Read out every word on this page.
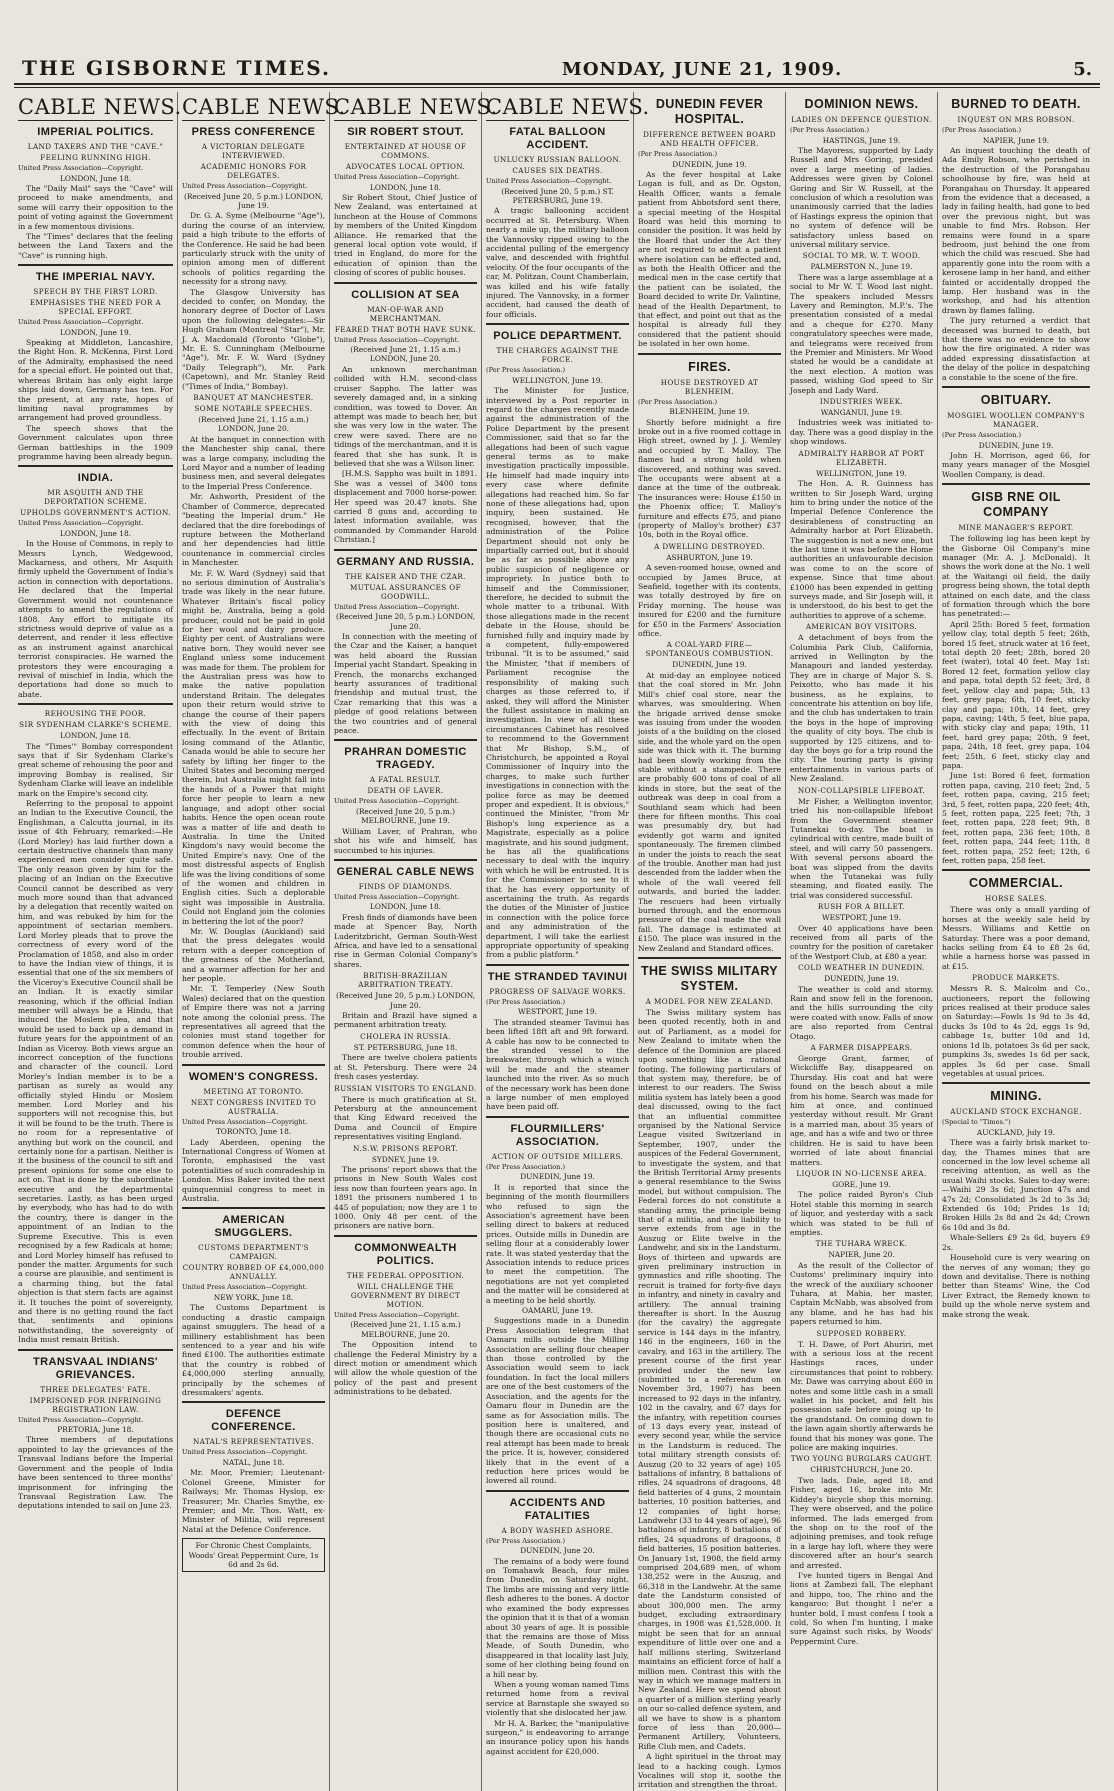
THE GISBORNE TIMES.	MONDAY, JUNE 21, 1909.	5.
CABLE NEWS.
IMPERIAL POLITICS.
LAND TAXERS AND THE "CAVE."
FEELING RUNNING HIGH.
United Press Association—Copyright.
LONDON, June 18.

The "Daily Mail" says the "Cave" will proceed to make amendments, and some will carry their opposition to the point of voting against the Government in a few momentous divisions.

The "Times" declares that the feeling between the Land Taxers and the "Cave" is running high.

THE IMPERIAL NAVY.
SPEECH BY THE FIRST LORD.
EMPHASISES THE NEED FOR A SPECIAL EFFORT.
United Press Association—Copyright.
LONDON, June 19.

Speaking at Middleton, Lancashire, the Right Hon. R. McKenna, First Lord of the Admiralty, emphasised the need for a special effort. He pointed out that, whereas Britain has only eight large ships laid down, Germany has ten. For the present, at any rate, hopes of limiting naval programmes by arrangement had proved groundless.

The speech shows that the Government calculates upon three German battleships in the 1909 programme having been already begun.

INDIA.
MR ASQUITH AND THE DEPORTATION SCHEME.
UPHOLDS GOVERNMENT'S ACTION.
United Press Association—Copyright.
LONDON, June 18.

In the House of Commons, in reply to Messrs Lynch, Wedgewood, Mackarness, and others, Mr Asquith firmly upheld the Government of India's action in connection with deportations. He declared that the Imperial Government would not countenance attempts to amend the regulations of 1808. Any effort to mitigate its strictness would deprive of value as a deterrent, and render it less effective as an instrument against anarchical terrorist conspiracies. He warned the protestors they were encouraging a revival of mischief in India, which the deportations had done so much to abate.

REHOUSING THE POOR.
SIR SYDENHAM CLARKE'S SCHEME.
LONDON, June 18.

The "Times'" Bombay correspondent says that if Sir Sydenham Clarke's great scheme of rehousing the poor and improving Bombay is realised, Sir Sydenham Clarke will leave an indelible mark on the Empire's second city.

Referring to the proposal to appoint an Indian to the Executive Council, the Englishman, a Calcutta journal, in its issue of 4th February, remarked:—He (Lord Morley) has laid further down a certain destructive channels than many experienced men consider quite safe. The only reason given by him for the placing of an Indian on the Executive Council cannot be described as very much more sound than that advanced by a delegation that recently waited on him, and was rebuked by him for the appointment of sectarian members. Lord Morley pleads that to prove the correctness of every word of the Proclamation of 1858, and also in order to have the Indian view of things, it is essential that one of the six members of the Viceroy's Executive Council shall be an Indian. It is exactly similar reasoning, which if the official Indian member will always be a Hindu, that induced the Moslem plea, and that would be used to back up a demand in future years for the appointment of an Indian as Viceroy. Both views argue an incorrect conception of the functions and character of the council. Lord Morley's Indian member is to be a partisan as surely as would any officially styled Hindu or Moslem member. Lord Morley and his supporters will not recognise this, but it will be found to be the truth. There is no room for a representative of anything but work on the council, and certainly none for a partisan. Neither is it the business of the council to sift and present opinions for some one else to act on. That is done by the subordinate executive and the departmental secretaries. Lastly, as has been urged by everybody, who has had to do with the country, there is danger in the appointment of an Indian to the Supreme Executive. This is even recognised by a few Radicals at home; and Lord Morley himself has refused to ponder the matter. Arguments for such a course are plausible, and sentiment is a charming thing, but the fatal objection is that stern facts are against it. It touches the point of sovereignty, and there is no getting round the fact that, sentiments and opinions notwithstanding, the sovereignty of India must remain British.

TRANSVAAL INDIANS' GRIEVANCES.
THREE DELEGATES' FATE.
IMPRISONED FOR INFRINGING REGISTRATION LAW.
United Press Association—Copyright.
PRETORIA, June 18.

Three members of deputations appointed to lay the grievances of the Transvaal Indians before the Imperial Government and the people of India have been sentenced to three months' imprisonment for infringing the Transvaal Registration Law. The deputations intended to sail on June 23.

CABLE NEWS.
PRESS CONFERENCE
A VICTORIAN DELEGATE INTERVIEWED.
ACADEMIC HONORS FOR DELEGATES.
United Press Association—Copyright.
(Received June 20, 5 p.m.) LONDON, June 19.

Dr. G. A. Syme (Melbourne "Age"), during the course of an interview, paid a high tribute to the efforts of the Conference. He said he had been particularly struck with the unity of opinion among men of different schools of politics regarding the necessity for a strong navy.

The Glasgow University has decided to confer, on Monday, the honorary degree of Doctor of Laws upon the following delegates:—Sir Hugh Graham (Montreal "Star"), Mr. J. A. Macdonald (Toronto "Globe"), Mr. E. S. Cunningham (Melbourne "Age"), Mr. F. W. Ward (Sydney "Daily Telegraph"), Mr. Park (Capetown), and Mr. Stanley Reid ("Times of India," Bombay).

BANQUET AT MANCHESTER.
SOME NOTABLE SPEECHES.
(Received June 21, 1.15 a.m.) LONDON, June 20.

At the banquet in connection with the Manchester ship canal, there was a large company, including the Lord Mayor and a number of leading business men, and several delegates to the Imperial Press Conference.

Mr. Ashworth, President of the Chamber of Commerce, deprecated "beating the Imperial drum." He declared that the dire forebodings of rupture between the Motherland and her dependencies had little countenance in commercial circles in Manchester.

Mr. F. W. Ward (Sydney) said that no serious diminution of Australia's trade was likely in the near future. Whatever Britain's fiscal policy might be, Australia, being a gold producer, could not be paid in gold for her wool and dairy produce. Eighty per cent. of Australians were native born. They would never see England unless some inducement was made for them. The problem for the Australian press was how to make the native population understand Britain. The delegates upon their return would strive to change the course of their papers with the view of doing this effectually. In the event of Britain losing command of the Atlantic, Canada would be able to secure her safety by lifting her finger to the United States and becoming merged therein, but Australia might fall into the hands of a Power that might force her people to learn a new language, and adopt other social habits. Hence the open ocean route was a matter of life and death to Australia. In time the United Kingdom's navy would become the United Empire's navy. One of the most distressful aspects of English life was the living conditions of some of the women and children in English cities. Such a deplorable sight was impossible in Australia. Could not England join the colonies in bettering the lot of the poor?

Mr. W. Douglas (Auckland) said that the press delegates would return with a deeper conception of the greatness of the Motherland, and a warmer affection for her and her people.

Mr. T. Temperley (New South Wales) declared that on the question of Empire there was not a jarring note among the colonial press. The representatives all agreed that the colonies must stand together for common defence when the hour of trouble arrived.

WOMEN'S CONGRESS.
MEETING AT TORONTO.
NEXT CONGRESS INVITED TO AUSTRALIA.
United Press Association—Copyright.
TORONTO, June 18.

Lady Aberdeen, opening the International Congress of Women at Toronto, emphasised the vast potentialities of such comradeship in London. Miss Baker invited the next quinquennial congress to meet in Australia.

AMERICAN SMUGGLERS.
CUSTOMS DEPARTMENT'S CAMPAIGN.
COUNTRY ROBBED OF £4,000,000 ANNUALLY.
United Press Association—Copyright.
NEW YORK, June 18.

The Customs Department is conducting a drastic campaign against smugglers. The head of a millinery establishment has been sentenced to a year and his wife fined £100. The authorities estimate that the country is robbed of £4,000,000 sterling annually, principally by the schemes of dressmakers' agents.

DEFENCE CONFERENCE.
NATAL'S REPRESENTATIVES.
United Press Association—Copyright.
NATAL, June 18.

Mr. Moor, Premier; Lieutenant-Colonel Greene, Minister for Railways; Mr. Thomas Hyslop, ex-Treasurer; Mr. Charles Smythe, ex-Premier; and Mr. Thos. Watt, ex-Minister of Militia, will represent Natal at the Defence Conference.

For Chronic Chest Complaints, Woods' Great Peppermint Cure, 1s 6d and 2s 6d.
CABLE NEWS.
SIR ROBERT STOUT.
ENTERTAINED AT HOUSE OF COMMONS.
ADVOCATES LOCAL OPTION.
United Press Association—Copyright.
LONDON, June 18.

Sir Robert Stout, Chief Justice of New Zealand, was entertained at luncheon at the House of Commons by members of the United Kingdom Alliance. He remarked that the general local option vote would, if tried in England, do more for the education of opinion than the closing of scores of public houses.

COLLISION AT SEA
MAN-OF-WAR AND MERCHANTMAN.
FEARED THAT BOTH HAVE SUNK.
United Press Association—Copyright.
(Received June 21, 1.15 a.m.) LONDON, June 20.

An unknown merchantman collided with H.M. second-class cruiser Sappho. The latter was severely damaged and, in a sinking condition, was towed to Dover. An attempt was made to beach her, but she was very low in the water. The crew were saved. There are no tidings of the merchantman, and it is feared that she has sunk. It is believed that she was a Wilson liner.

[H.M.S. Sappho was built in 1891. She was a vessel of 3400 tons displacement and 7000 horse-power. Her speed was 20.47 knots. She carried 8 guns and, according to latest information available, was commanded by Commander Harold Christian.]

GERMANY AND RUSSIA.
THE KAISER AND THE CZAR.
MUTUAL ASSURANCES OF GOODWILL.
United Press Association—Copyright.
(Received June 20, 5 p.m.) LONDON, June 20.

In connection with the meeting of the Czar and the Kaiser, a banquet was held aboard the Russian Imperial yacht Standart. Speaking in French, the monarchs exchanged hearty assurances of traditional friendship and mutual trust, the Czar remarking that this was a pledge of good relations between the two countries and of general peace.

PRAHRAN DOMESTIC TRAGEDY.
A FATAL RESULT.
DEATH OF LAVER.
United Press Association—Copyright.
(Received June 20, 5 p.m.) MELBOURNE, June 19.

William Laver, of Prahran, who shot his wife and himself, has succumbed to his injuries.

GENERAL CABLE NEWS
FINDS OF DIAMONDS.
United Press Association—Copyright.
LONDON, June 18.

Fresh finds of diamonds have been made at Spencer Bay, North Luderitzbricht, German South-West Africa, and have led to a sensational rise in German Colonial Company's shares.

BRITISH-BRAZILIAN ARBITRATION TREATY.
(Received June 20, 5 p.m.) LONDON, June 20.

Britain and Brazil have signed a permanent arbitration treaty.

CHOLERA IN RUSSIA.
ST. PETERSBURG, June 18.

There are twelve cholera patients at St. Petersburg. There were 24 fresh cases yesterday.

RUSSIAN VISITORS TO ENGLAND.

There is much gratification at St. Petersburg at the announcement that King Edward received the Duma and Council of Empire representatives visiting England.

N.S.W. PRISONS REPORT.
SYDNEY, June 19.

The prisons' report shows that the prisons in New South Wales cost less now than fourteen years ago. In 1891 the prisoners numbered 1 to 445 of population; now they are 1 to 1000. Only 48 per cent. of the prisoners are native born.

COMMONWEALTH POLITICS.
THE FEDERAL OPPOSITION.
WILL CHALLENGE THE GOVERNMENT BY DIRECT MOTION.
United Press Association—Copyright.
(Received June 21, 1.15 a.m.) MELBOURNE, June 20.

The Opposition intend to challenge the Federal Ministry by a direct motion or amendment which will allow the whole question of the policy of the past and present administrations to be debated.

CABLE NEWS.
FATAL BALLOON ACCIDENT.
UNLUCKY RUSSIAN BALLOON.
CAUSES SIX DEATHS.
United Press Association—Copyright.
(Received June 20, 5 p.m.) ST. PETERSBURG, June 19.

A tragic ballooning accident occurred at St. Petersburg. When nearly a mile up, the military balloon the Vannovsky ripped owing to the accidental pulling of the emergency valve, and descended with frightful velocity. Of the four occupants of the car, M. Politzan, Count Chamberlain, was killed and his wife fatally injured. The Vannovsky, in a former accident, had caused the death of four officials.

POLICE DEPARTMENT.
THE CHARGES AGAINST THE FORCE.
(Per Press Association.)
WELLINGTON, June 19.

The Minister for Justice, interviewed by a Post reporter in regard to the charges recently made against the administration of the Police Department by the present Commissioner, said that so far the allegations had been of such vague general terms as to make investigation practically impossible. He himself had made inquiry into every case where definite allegations had reached him. So far none of these allegations had, upon inquiry, been sustained. He recognised, however, that the administration of the Police Department should not only be impartially carried out, but it should be as far as possible above any public suspicion of negligence or impropriety. In justice both to himself and the Commissioner, therefore, he decided to submit the whole matter to a tribunal. With those allegations made in the recent debate in the House, should be furnished fully and inquiry made by a competent, fully-empowered tribunal. "It is to be assumed," said the Minister, "that if members of Parliament recognise the responsibility of making such charges as those referred to, if asked, they will afford the Minister the fullest assistance in making an investigation. In view of all these circumstances Cabinet has resolved to recommend to the Government that Mr Bishop, S.M., of Christchurch, be appointed a Royal Commissioner of Inquiry into the charges, to make such further investigations in connection with the police force as may be deemed proper and expedient. It is obvious," continued the Minister, "from Mr Bishop's long experience as a Magistrate, especially as a police magistrate, and his sound judgment, he has all the qualifications necessary to deal with the inquiry with which he will be entrusted. It is for the Commissioner to see to it that he has every opportunity of ascertaining the truth. As regards the duties of the Minister of Justice in connection with the police force and any administration of the department, I will take the earliest appropriate opportunity of speaking from a public platform."

THE STRANDED TAVINUI
PROGRESS OF SALVAGE WORKS.
(Per Press Association.)
WESTPORT, June 19.

The stranded steamer Tavinui has been lifted 18ft aft and 9ft forward. A cable has now to be connected to the stranded vessel to the breakwater, through which a winch will be made and the steamer launched into the river. As so much of the necessary work has been done a large number of men employed have been paid off.

FLOURMILLERS' ASSOCIATION.
ACTION OF OUTSIDE MILLERS.
(Per Press Association.)
DUNEDIN, June 19.

It is reported that since the beginning of the month flourmillers who refused to sign the Association's agreement have been selling direct to bakers at reduced prices. Outside mills in Dunedin are selling flour at a considerably lower rate. It was stated yesterday that the Association intends to reduce prices to meet the competition. The negotiations are not yet completed and the matter will be considered at a meeting to be held shortly.

OAMARU, June 19.

Suggestions made in a Dunedin Press Association telegram that Oamaru mills outside the Milling Association are selling flour cheaper than those controlled by the Association would seem to lack foundation. In fact the local millers are one of the best customers of the Association, and the agents for the Oamaru flour in Dunedin are the same as for Association mills. The position here is unaltered, and though there are occasional cuts no real attempt has been made to break the price. It is, however, considered likely that in the event of a reduction here prices would be lowered all round.

ACCIDENTS AND FATALITIES
A BODY WASHED ASHORE.
(Per Press Association.)
DUNEDIN, June 20.

The remains of a body were found on Tomahawk Beach, four miles from Dunedin, on Saturday night. The limbs are missing and very little flesh adheres to the bones. A doctor who examined the body expresses the opinion that it is that of a woman about 30 years of age. It is possible that the remains are those of Miss Meade, of South Dunedin, who disappeared in that locality last July, some of her clothing being found on a hill near by.

When a young woman named Tims returned home from a revival service at Barnstaple she swayed so violently that she dislocated her jaw.

Mr H. A. Barker, the "manipulative surgeon," is endeavoring to arrange an insurance policy upon his hands against accident for £20,000.

DUNEDIN FEVER HOSPITAL.
DIFFERENCE BETWEEN BOARD AND HEALTH OFFICER.
(Per Press Association.)
DUNEDIN, June 19.

As the fever hospital at Lake Logan is full, and as Dr. Ogston, Health Officer, wants a female patient from Abbotsford sent there, a special meeting of the Hospital Board was held this morning to consider the position. It was held by the Board that under the Act they are not required to admit a patient where isolation can be effected and, as both the Health Officer and the medical men in the case certify that the patient can be isolated, the Board decided to write Dr. Valintine, head of the Health Department, to that effect, and point out that as the hospital is already full they considered that the patient should be isolated in her own home.

FIRES.
HOUSE DESTROYED AT BLENHEIM.
(Per Press Association.)
BLENHEIM, June 19.

Shortly before midnight a fire broke out in a five roomed cottage in High street, owned by J. J. Wemley and occupied by T. Malloy. The flames had a strong hold when discovered, and nothing was saved. The occupants were absent at a dance at the time of the outbreak. The insurances were: House £150 in the Phoenix office; T. Malloy's furniture and effects £75, and piano (property of Malloy's brother) £37 10s, both in the Royal office.

A DWELLING DESTROYED.
ASHBURTON, June 19.

A seven-roomed house, owned and occupied by James Bruce, at Seafield, together with its contents, was totally destroyed by fire on Friday morning. The house was insured for £200 and the furniture for £50 in the Farmers' Association office.

A COAL-YARD FIRE—SPONTANEOUS COMBUSTION.
DUNEDIN, June 19.

At mid-day an employee noticed that the coal stored in Mr. John Mill's chief coal store, near the wharves, was smouldering. When the brigade arrived dense smoke was issuing from under the wooden joists of a the building on the closed side, and the whole yard on the open side was thick with it. The burning had been slowly working from the stable without a stampede. There are probably 600 tons of coal of all kinds in store, but the seat of the outbreak was deep in coal from a Southland seam which had been there for fifteen months. This coal was presumably dry, but had evidently got warm and ignited spontaneously. The firemen climbed in under the joists to reach the seat of the trouble. Another man had just descended from the ladder when the whole of the wall veered fell outwards, and buried the ladder. The rescuers had been virtually burned through, and the enormous pressure of the coal made the wall fall. The damage is estimated at £150. The place was insured in the New Zealand and Standard offices.

THE SWISS MILITARY SYSTEM.
A MODEL FOR NEW ZEALAND.

The Swiss military system has been quoted recently, both in and out of Parliament, as a model for New Zealand to imitate when the defence of the Dominion are placed upon something like a rational footing. The following particulars of that system may, therefore, be of interest to our readers. The Swiss militia system has lately been a good deal discussed, owing to the fact that an influential committee organised by the National Service League visited Switzerland in September, 1907, under the auspices of the Federal Government, to investigate the system, and that the British Territorial Army presents a general resemblance to the Swiss model, but without compulsion. The Federal forces do not constitute a standing army, the principle being that of a militia, and the liability to serve extends from age in the Auszug or Elite twelve in the Landwehr, and six in the Landsturm. Boys of thirteen and upwards are given preliminary instruction in gymnastics and rifle shooting. The recruit is trained for forty-five days in infantry, and ninety in cavalry and artillery. The annual training thereafter is short. In the Auszug (for the cavalry) the aggregate service is 144 days in the infantry, 146 in the engineers, 160 in the cavalry, and 163 in the artillery. The present course of the first year provided under the new law (submitted to a referendum on November 3rd, 1907) has been increased to 92 days in the infantry, 102 in the cavalry, and 67 days for the infantry, with repetition courses of 13 days every year, instead of every second year, while the service in the Landsturm is reduced. The total military strength consists of: Auszug (20 to 32 years of age) 105 battalions of infantry, 8 battalions of rifles, 24 squadrons of dragoons, 48 field batteries of 4 guns, 2 mountain batteries, 10 position batteries, and 12 companies of light horse; Landwehr (33 to 44 years of age), 96 battalions of infantry, 8 battalions of rifles, 24 squadrons of dragoons, 8 field batteries, 15 position batteries. On January 1st, 1908, the field army comprised 204,689 men, of whom 138,252 were in the Auszug, and 66,318 in the Landwehr. At the same date the Landsturm consisted of about 300,000 men. The army budget, excluding extraordinary charges, in 1908 was £1,528,000. It might be seen that for an annual expenditure of little over one and a half millions sterling, Switzerland maintains an efficient force of half a million men. Contrast this with the way in which we manage matters in New Zealand. Here we spend about a quarter of a million sterling yearly on our so-called defence system, and all we have to show is a phantom force of less than 20,000—Permanent Artillery, Volunteers, Rifle Club men, and Cadets.

A light spirituel in the throat may lead to a hacking cough. Lymos Vocalines will stop it, soothe the irritation and strengthen the throat.

DOMINION NEWS.
LADIES ON DEFENCE QUESTION.
(Per Press Association.)
HASTINGS, June 19.

The Mayoress, supported by Lady Russell and Mrs Goring, presided over a large meeting of ladies. Addresses were given by Colonel Goring and Sir W. Russell, at the conclusion of which a resolution was unanimously carried that the ladies of Hastings express the opinion that no system of defence will be satisfactory unless based on universal military service.

SOCIAL TO MR. W. T. WOOD.
PALMERSTON N., June 19.

There was a large assemblage at a social to Mr W. T. Wood last night. The speakers included Messrs Lavery and Remington, M.P.'s. The presentation consisted of a medal and a cheque for £270. Many congratulatory speeches were made, and telegrams were received from the Premier and Ministers. Mr Wood stated he would be a candidate at the next election. A motion was passed, wishing God speed to Sir Joseph and Lady Ward.

INDUSTRIES WEEK.
WANGANUI, June 19.

Industries week was initiated to-day. There was a good display in the shop windows.

ADMIRALTY HARBOR AT PORT ELIZABETH.
WELLINGTON, June 19.

The Hon. A. R. Guinness has written to Sir Joseph Ward, urging him to bring under the notice of the Imperial Defence Conference the desirableness of constructing an Admiralty harbor at Port Elizabeth. The suggestion is not a new one, but the last time it was before the Home authorities an unfavourable decision was come to on the score of expense. Since that time about £1000 has been expended in getting surveys made, and Sir Joseph will, it is understood, do his best to get the authorities to approve of a scheme.

AMERICAN BOY VISITORS.

A detachment of boys from the Columbia Park Club, California, arrived in Wellington by the Manapouri and landed yesterday. They are in charge of Major S. S. Peixotto, who has made it his business, as he explains, to concentrate his attention on boy life, and the club has undertaken to train the boys in the hope of improving the quality of city boys. The club is supported by 125 citizens, and to-day the boys go for a trip round the city. The touring party is giving entertainments in various parts of New Zealand.

NON-COLLAPSIBLE LIFEBOAT.

Mr Fisher, a Wellington inventor, tried his non-collapsible lifeboat from the Government steamer Tutanekai to-day. The boat is cylindrical with centre, made built of steel, and will carry 50 passengers. With several persons aboard the boat was slipped from the davits when the Tutanekai was fully steaming, and floated easily. The trial was considered successful.

RUSH FOR A BILLET.
WESTPORT, June 19.

Over 40 applications have been received from all parts of the country for the position of caretaker of the Westport Club, at £80 a year.

COLD WEATHER IN DUNEDIN.
DUNEDIN, June 19.

The weather is cold and stormy. Rain and snow fell in the forenoon, and the hills surrounding the city were coated with snow. Falls of snow are also reported from Central Otago.

A FARMER DISAPPEARS.

George Grant, farmer, of Wickcliffe Bay, disappeared on Thursday. His coat and hat were found on the beach about a mile from his home. Search was made for him at once, and continued yesterday without result. Mr Grant is a married man, about 35 years of age, and has a wife and two or three children. He is said to have been worried of late about financial matters.

LIQUOR IN NO-LICENSE AREA.
GORE, June 19.

The police raided Byron's Club Hotel stable this morning in search of liquor, and yesterday with a sack which was stated to be full of empties.

THE TUHARA WRECK.
NAPIER, June 20.

As the result of the Collector of Customs' preliminary inquiry into the wreck of the auxiliary schooner Tuhara, at Mahia, her master, Captain McNabb, was absolved from any blame, and he has had his papers returned to him.

SUPPOSED ROBBERY.

T. H. Dawe, of Port Ahuriri, met with a serious loss at the recent Hastings races, under circumstances that point to robbery. Mr. Dawe was carrying about £60 in notes and some little cash in a small wallet in his pocket, and felt his possession safe before going up to the grandstand. On coming down to the lawn again shortly afterwards he found that his money was gone. The police are making inquiries.

TWO YOUNG BURGLARS CAUGHT.
CHRISTCHURCH, June 20.

Two lads, Dale, aged 18, and Fisher, aged 16, broke into Mr. Kiddey's bicycle shop this morning. They were observed, and the police informed. The lads emerged from the shop on to the roof of the adjoining premises, and took refuge in a large hay loft, where they were discovered after an hour's search and arrested.

I've hunted tigers in Bengal And lions at Zambezi fall, The elephant and hippo, too, The rhino and the kangaroo; But thought I ne'er a hunter bold, I must confess I took a cold, So when I'm hunting, I make sure Against such risks, by Woods' Peppermint Cure.

BURNED TO DEATH.
INQUEST ON MRS ROBSON.
(Per Press Association.)
NAPIER, June 19.

An inquest touching the death of Ada Emily Robson, who perished in the destruction of the Porangahau schoolhouse by fire, was held at Porangahau on Thursday. It appeared from the evidence that a deceased, a lady in failing health, had gone to bed over the previous night, but was unable to find Mrs. Robson. Her remains were found in a spare bedroom, just behind the one from which the child was rescued. She had apparently gone into the room with a kerosene lamp in her hand, and either fainted or accidentally dropped the lamp. Her husband was in the workshop, and had his attention drawn by flames falling.

The jury returned a verdict that deceased was burned to death, but that there was no evidence to show how the fire originated. A rider was added expressing dissatisfaction at the delay of the police in despatching a constable to the scene of the fire.

OBITUARY.
MOSGIEL WOOLLEN COMPANY'S MANAGER.
(Per Press Association.)
DUNEDIN, June 19.

John H. Morrison, aged 66, for many years manager of the Mosgiel Woollen Company, is dead.

GISB RNE OIL COMPANY
MINE MANAGER'S REPORT.

The following log has been kept by the Gisborne Oil Company's mine manager (Mr. A. J. McDonald). It shows the work done at the No. 1 well at the Waitangi oil field, the daily progress being shown, the total depth attained on each date, and the class of formation through which the bore has penetrated:—

April 25th: Bored 5 feet, formation yellow clay, total depth 5 feet; 26th, bored 15 feet, struck water at 16 feet, total depth 20 feet; 28th, bored 20 feet (water), total 40 feet. May 1st: Bored 12 feet, formation yellow clay and papa, total depth 52 feet; 3rd, 8 feet, yellow clay and papa; 5th, 13 feet, grey papa; 6th, 10 feet, sticky clay and papa; 10th, 14 feet, grey papa, caving; 14th, 5 feet, blue papa, with sticky clay and papa; 19th, 11 feet, hard grey papa; 20th, 9 feet, papa, 24th, 18 feet, grey papa, 104 feet; 25th, 6 feet, sticky clay and papa.

June 1st: Bored 6 feet, formation rotten papa, caving, 210 feet; 2nd, 5 feet, rotten papa, caving, 215 feet; 3rd, 5 feet, rotten papa, 220 feet; 4th, 5 feet, rotten papa, 225 feet; 7th, 3 feet, rotten papa, 228 feet; 9th, 8 feet, rotten papa, 236 feet; 10th, 8 feet, rotten papa, 244 feet; 11th, 8 feet, rotten papa, 252 feet; 12th, 6 feet, rotten papa, 258 feet.

COMMERCIAL.
HORSE SALES.

There was only a small yarding of horses at the weekly sale held by Messrs. Williams and Kettle on Saturday. There was a poor demand, hacks selling from £4 to £8 2s 6d, while a harness horse was passed in at £15.

PRODUCE MARKETS.

Messrs R. S. Malcolm and Co., auctioneers, report the following prices realised at their produce sales on Saturday:—Fowls 1s 9d to 3s 4d, ducks 3s 10d to 4s 2d, eggs 1s 9d, cabbage 1s, butter 10d and 1d, onions 1d lb, potatoes 3s 6d per sack, pumpkins 3s, swedes 1s 6d per sack, apples 3s 6d per case. Small vegetables at usual prices.

MINING.
AUCKLAND STOCK EXCHANGE.
(Special to "Times.")
AUCKLAND, July 19.

There was a fairly brisk market to-day, the Thames mines that are concerned in the low level scheme all receiving attention, as well as the usual Waihi stocks. Sales to-day were:—Waihi 29 3s 6d; Junction 47s and 47s 2d; Consolidated 3s 2d to 3s 3d; Extended 6s 10d; Prides 1s 1d; Broken Hills 2s 8d and 2s 4d; Crown 6s 10d and 3s 8d.

Whale-Sellers £9 2s 6d, buyers £9 2s.

Household cure is very wearing on the nerves of any woman; they go down and devitalise. There is nothing better than Steams' Wine, the Cod Liver Extract, the Remedy known to build up the whole nerve system and make strong the weak.
